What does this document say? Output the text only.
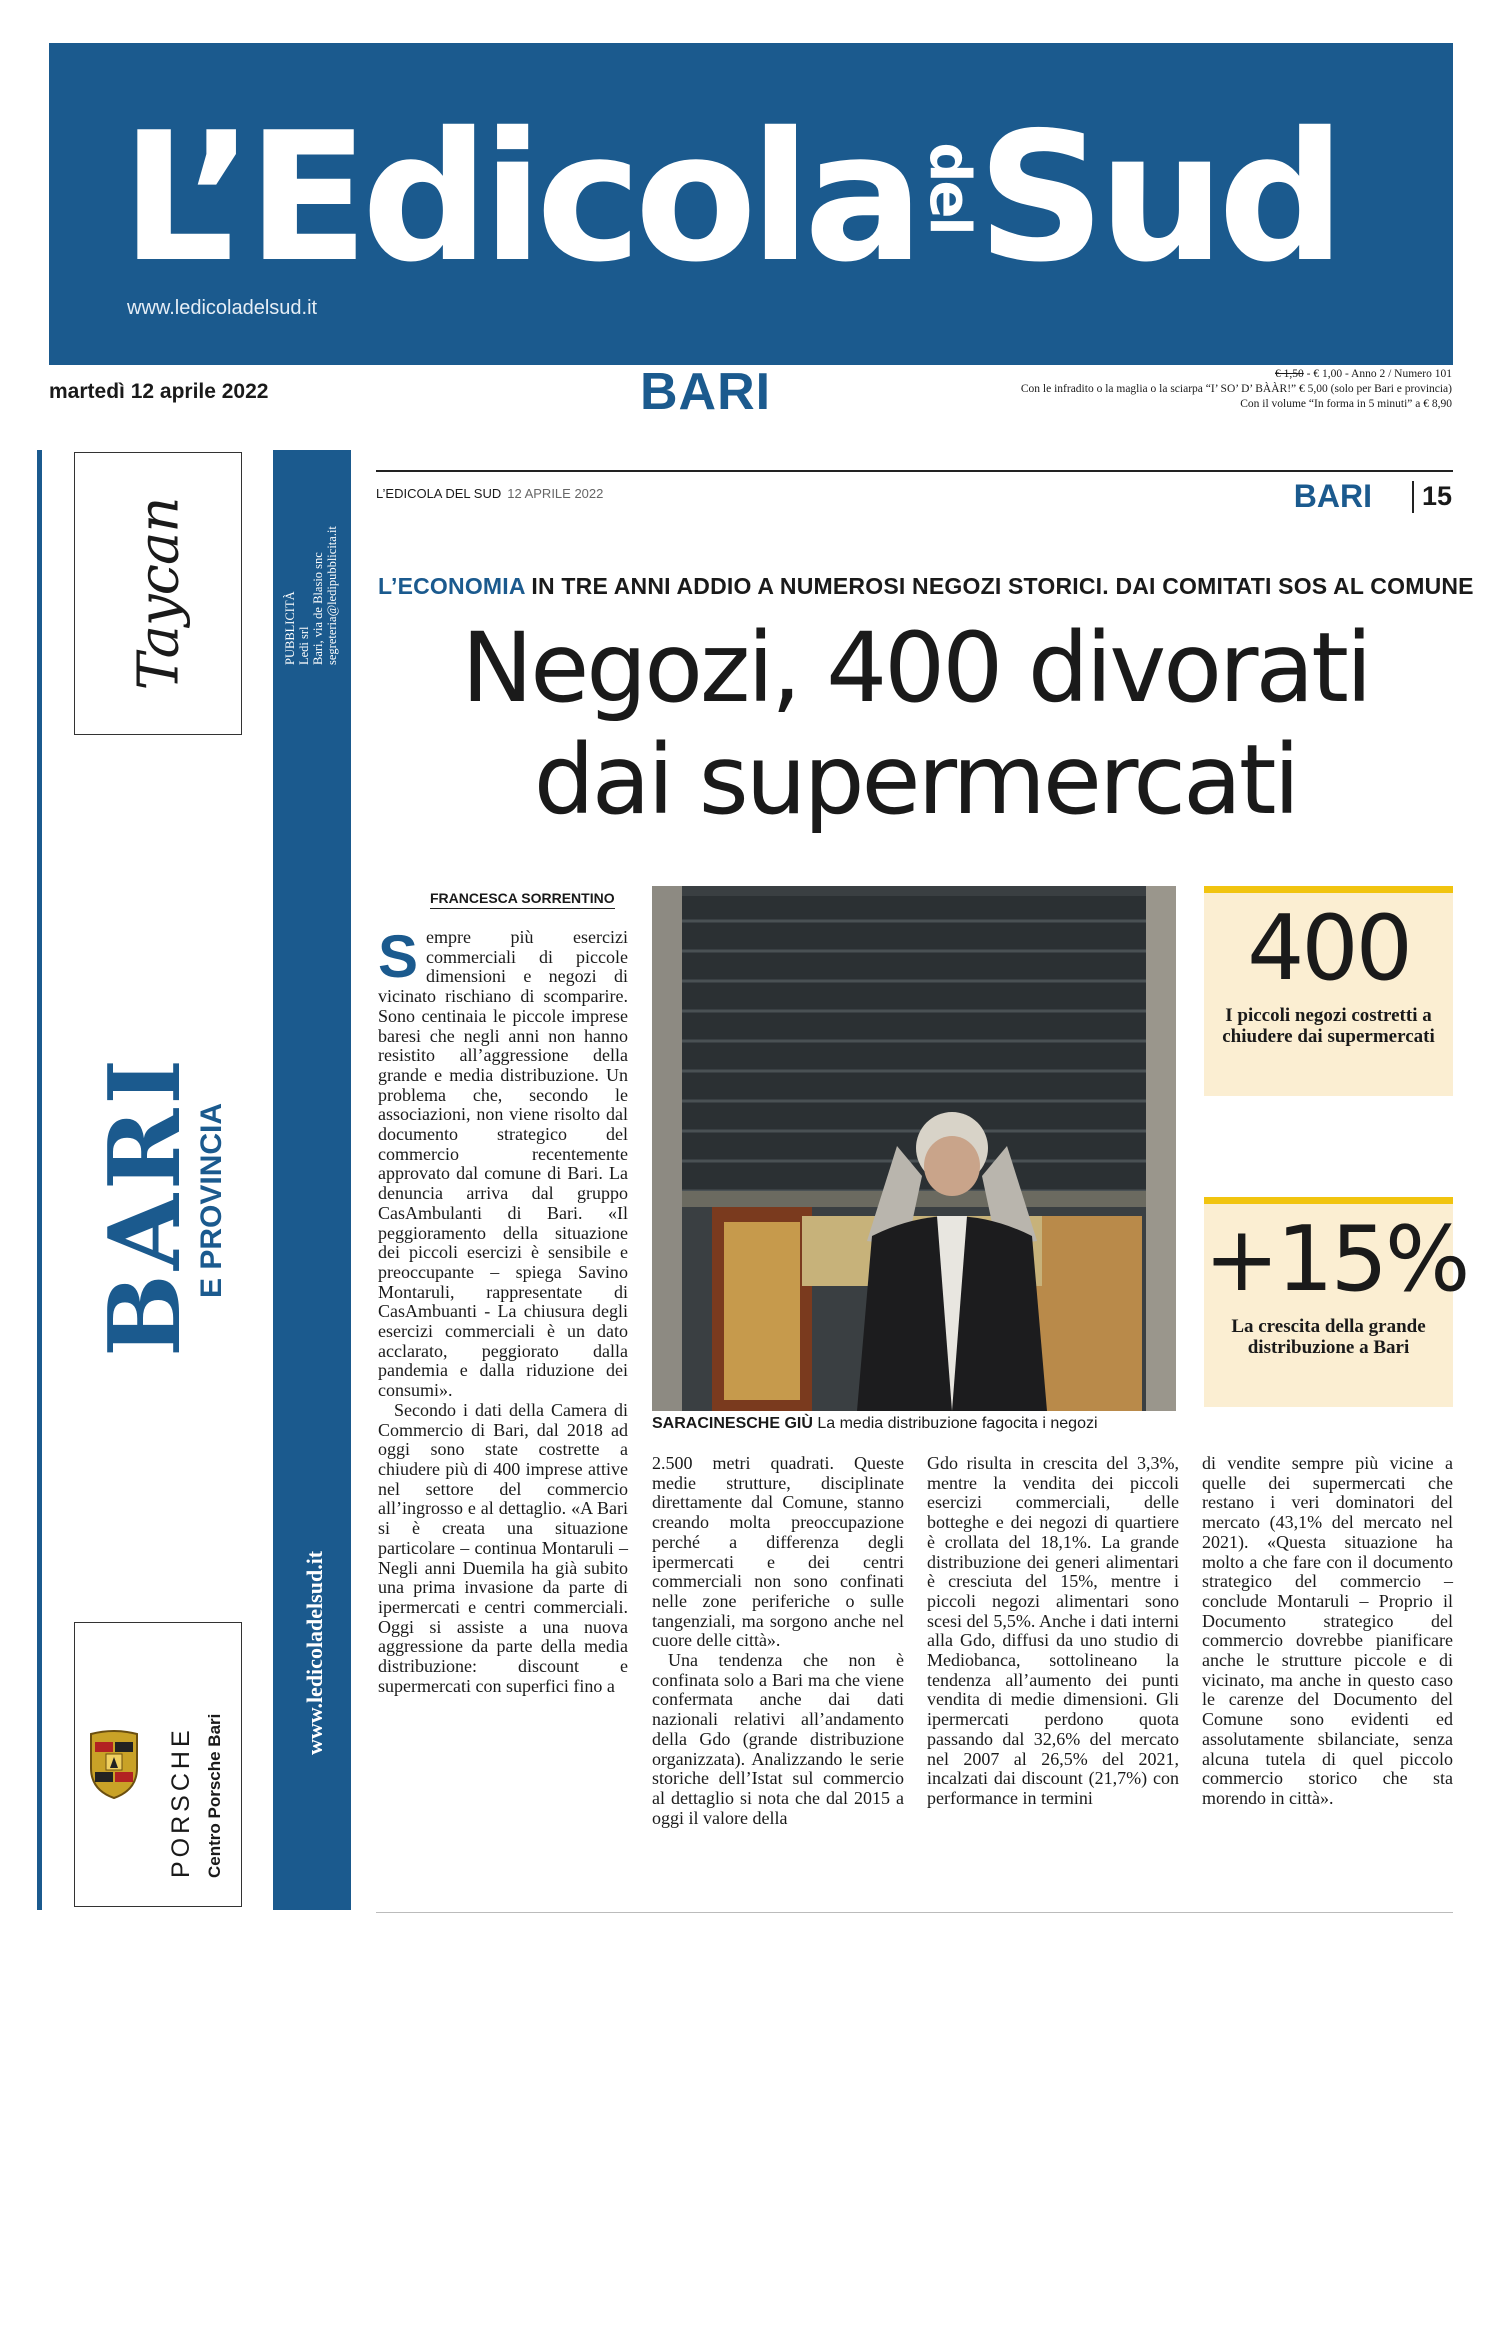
L’Edicola del
Sud
www.ledicoladelsud.it
martedì 12 aprile 2022	BARI	€ 1,50 - € 1,00 - Anno 2 / Numero 101
Con le infradito o la maglia o la sciarpa “I’ SO’ D’ BÀÀR!” € 5,00 (solo per Bari e provincia)
Con il volume “In forma in 5 minuti” a € 8,90
Taycan	PUBBLICITÀ Ledi srl Bari, via de Blasio snc segreteria@ledipubblicita.it
www.ledicoladelsud.it
REDAZIONE CENTRALE Bari, via F. de Blasio snc WHATSAPP: 366-6070403 E-MAIL: redazione@ledieditori.it
BARI
E PROVINCIA
PORSCHE Centro Porsche Bari
L’EDICOLA DEL SUD 12 APRILE 2022	BARI 15
L’ECONOMIA IN TRE ANNI ADDIO A NUMEROSI NEGOZI STORICI. DAI COMITATI SOS AL COMUNE
Negozi, 400 divorati
dai supermercati
FRANCESCA SORRENTINO

Sempre più esercizi commerciali di piccole dimensioni e negozi di vicinato rischiano di scomparire. Sono centinaia le piccole imprese baresi che negli anni non hanno resistito all’aggressione della grande e media distribuzione. Un problema che, secondo le associazioni, non viene risolto dal documento strategico del commercio recentemente approvato dal comune di Bari. La denuncia arriva dal gruppo CasAmbulanti di Bari. «Il peggioramento della situazione dei piccoli esercizi è sensibile e preoccupante – spiega Savino Montaruli, rappresentate di CasAmbuanti - La chiusura degli esercizi commerciali è un dato acclarato, peggiorato dalla pandemia e dalla riduzione dei consumi».

Secondo i dati della Camera di Commercio di Bari, dal 2018 ad oggi sono state costrette a chiudere più di 400 imprese attive nel settore del commercio all’ingrosso e al dettaglio. «A Bari si è creata una situazione particolare – continua Montaruli – Negli anni Duemila ha già subito una prima invasione da parte di ipermercati e centri commerciali. Oggi si assiste a una nuova aggressione da parte della media distribuzione: discount e supermercati con superfici fino a

SARACINESCHE GIÙ La media distribuzione fagocita i negozi
400
I piccoli negozi costretti a chiudere dai supermercati
+15%
La crescita della grande distribuzione a Bari

2.500 metri quadrati. Queste medie strutture, disciplinate direttamente dal Comune, stanno creando molta preoccupazione perché a differenza degli ipermercati e dei centri commerciali non sono confinati nelle zone periferiche o sulle tangenziali, ma sorgono anche nel cuore delle città».

Una tendenza che non è confinata solo a Bari ma che viene confermata anche dai dati nazionali relativi all’andamento della Gdo (grande distribuzione organizzata). Analizzando le serie storiche dell’Istat sul commercio al dettaglio si nota che dal 2015 a oggi il valore della

Gdo risulta in crescita del 3,3%, mentre la vendita dei piccoli esercizi commerciali, delle botteghe e dei negozi di quartiere è crollata del 18,1%. La grande distribuzione dei generi alimentari è cresciuta del 15%, mentre i piccoli negozi alimentari sono scesi del 5,5%. Anche i dati interni alla Gdo, diffusi da uno studio di Mediobanca, sottolineano la tendenza all’aumento dei punti vendita di medie dimensioni. Gli ipermercati perdono quota passando dal 32,6% del mercato nel 2007 al 26,5% del 2021, incalzati dai discount (21,7%) con performance in termini

di vendite sempre più vicine a quelle dei supermercati che restano i veri dominatori del mercato (43,1% del mercato nel 2021). «Questa situazione ha molto a che fare con il documento strategico del commercio – conclude Montaruli – Proprio il Documento strategico del commercio dovrebbe pianificare anche le strutture piccole e di vicinato, ma anche in questo caso le carenze del Documento del Comune sono evidenti ed assolutamente sbilanciate, senza alcuna tutela di quel piccolo commercio storico che sta morendo in città».
